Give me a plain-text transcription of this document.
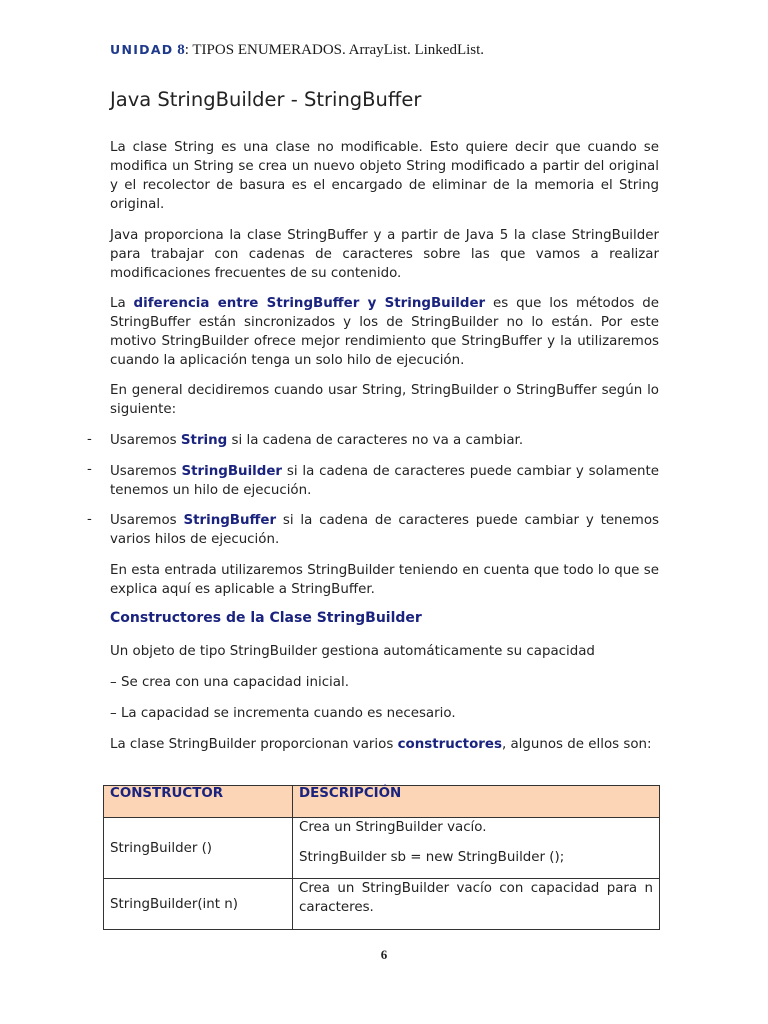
UNIDAD 8: TIPOS ENUMERADOS. ArrayList. LinkedList.
Java StringBuilder - StringBuffer
La clase String es una clase no modificable. Esto quiere decir que cuando se modifica un String se crea un nuevo objeto String modificado a partir del original y el recolector de basura es el encargado de eliminar de la memoria el String original.
Java proporciona la clase StringBuffer y a partir de Java 5 la clase StringBuilder para trabajar con cadenas de caracteres sobre las que vamos a realizar modificaciones frecuentes de su contenido.
La diferencia entre StringBuffer y StringBuilder es que los métodos de StringBuffer están sincronizados y los de StringBuilder no lo están. Por este motivo StringBuilder ofrece mejor rendimiento que StringBuffer y la utilizaremos cuando la aplicación tenga un solo hilo de ejecución.
En general decidiremos cuando usar String, StringBuilder o StringBuffer según lo siguiente:
- Usaremos String si la cadena de caracteres no va a cambiar.
- Usaremos StringBuilder si la cadena de caracteres puede cambiar y solamente tenemos un hilo de ejecución.
- Usaremos StringBuffer si la cadena de caracteres puede cambiar y tenemos varios hilos de ejecución.
En esta entrada utilizaremos StringBuilder teniendo en cuenta que todo lo que se explica aquí es aplicable a StringBuffer.
Constructores de la Clase StringBuilder
Un objeto de tipo StringBuilder gestiona automáticamente su capacidad
– Se crea con una capacidad inicial.
– La capacidad se incrementa cuando es necesario.
La clase StringBuilder proporcionan varios constructores, algunos de ellos son:
CONSTRUCTOR	DESCRIPCIÓN
StringBuilder ()	Crea un StringBuilder vacío.

StringBuilder sb = new StringBuilder ();

StringBuilder(int n)	Crea un StringBuilder vacío con capacidad para n caracteres.

6
